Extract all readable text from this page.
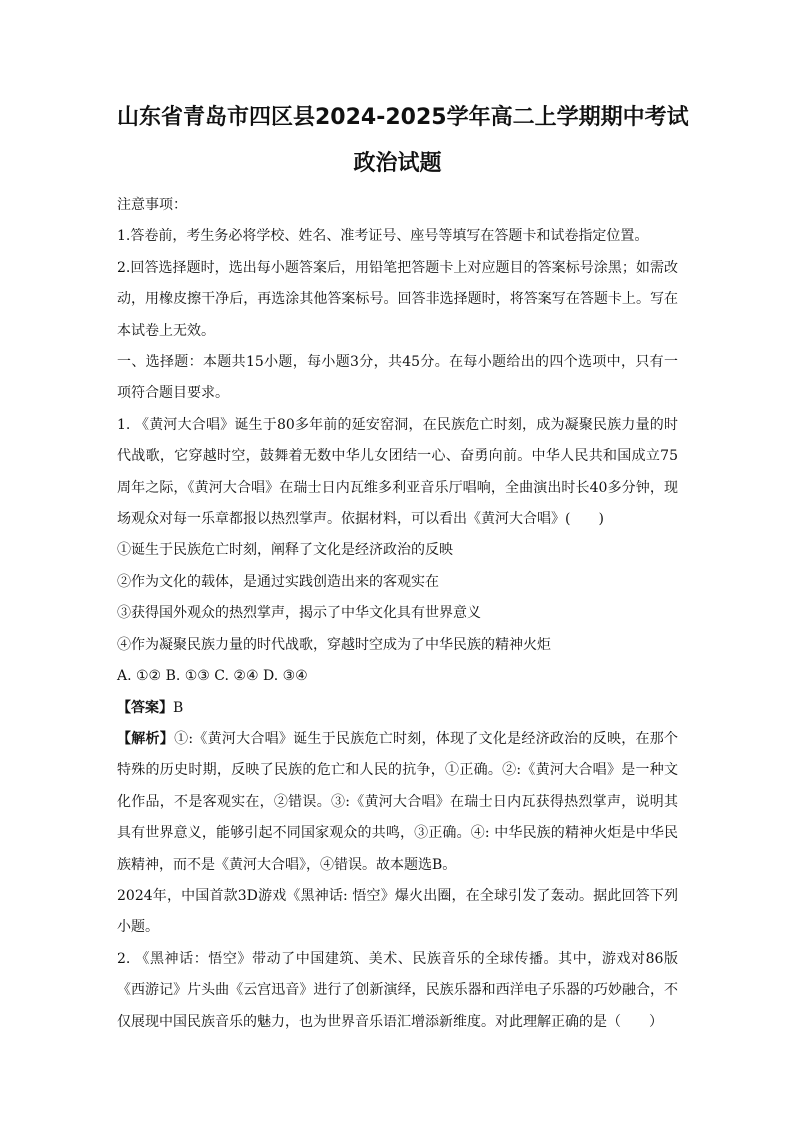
山东省青岛市四区县2024-2025学年高二上学期期中考试
政治试题

注意事项：

1.答卷前，考生务必将学校、姓名、准考证号、座号等填写在答题卡和试卷指定位置。

2.回答选择题时，选出每小题答案后，用铅笔把答题卡上对应题目的答案标号涂黑；如需改动，用橡皮擦干净后，再选涂其他答案标号。回答非选择题时，将答案写在答题卡上。写在本试卷上无效。

一、选择题：本题共15小题，每小题3分，共45分。在每小题给出的四个选项中，只有一项符合题目要求。

1. 《黄河大合唱》诞生于80多年前的延安窑洞，在民族危亡时刻，成为凝聚民族力量的时代战歌，它穿越时空，鼓舞着无数中华儿女团结一心、奋勇向前。中华人民共和国成立75周年之际，《黄河大合唱》在瑞士日内瓦维多利亚音乐厅唱响，全曲演出时长40多分钟，现场观众对每一乐章都报以热烈掌声。依据材料，可以看出《黄河大合唱》(　　)

①诞生于民族危亡时刻，阐释了文化是经济政治的反映

②作为文化的载体，是通过实践创造出来的客观实在

③获得国外观众的热烈掌声，揭示了中华文化具有世界意义

④作为凝聚民族力量的时代战歌，穿越时空成为了中华民族的精神火炬

A. ①② B. ①③ C. ②④ D. ③④

【答案】B

【解析】①:《黄河大合唱》诞生于民族危亡时刻，体现了文化是经济政治的反映，在那个特殊的历史时期，反映了民族的危亡和人民的抗争，①正确。②:《黄河大合唱》是一种文化作品，不是客观实在，②错误。③:《黄河大合唱》在瑞士日内瓦获得热烈掌声，说明其具有世界意义，能够引起不同国家观众的共鸣，③正确。④: 中华民族的精神火炬是中华民族精神，而不是《黄河大合唱》，④错误。故本题选B。

2024年，中国首款3D游戏《黑神话: 悟空》爆火出圈，在全球引发了轰动。据此回答下列小题。

2. 《黑神话：悟空》带动了中国建筑、美术、民族音乐的全球传播。其中，游戏对86版《西游记》片头曲《云宫迅音》进行了创新演绎，民族乐器和西洋电子乐器的巧妙融合，不仅展现中国民族音乐的魅力，也为世界音乐语汇增添新维度。对此理解正确的是（　　）
